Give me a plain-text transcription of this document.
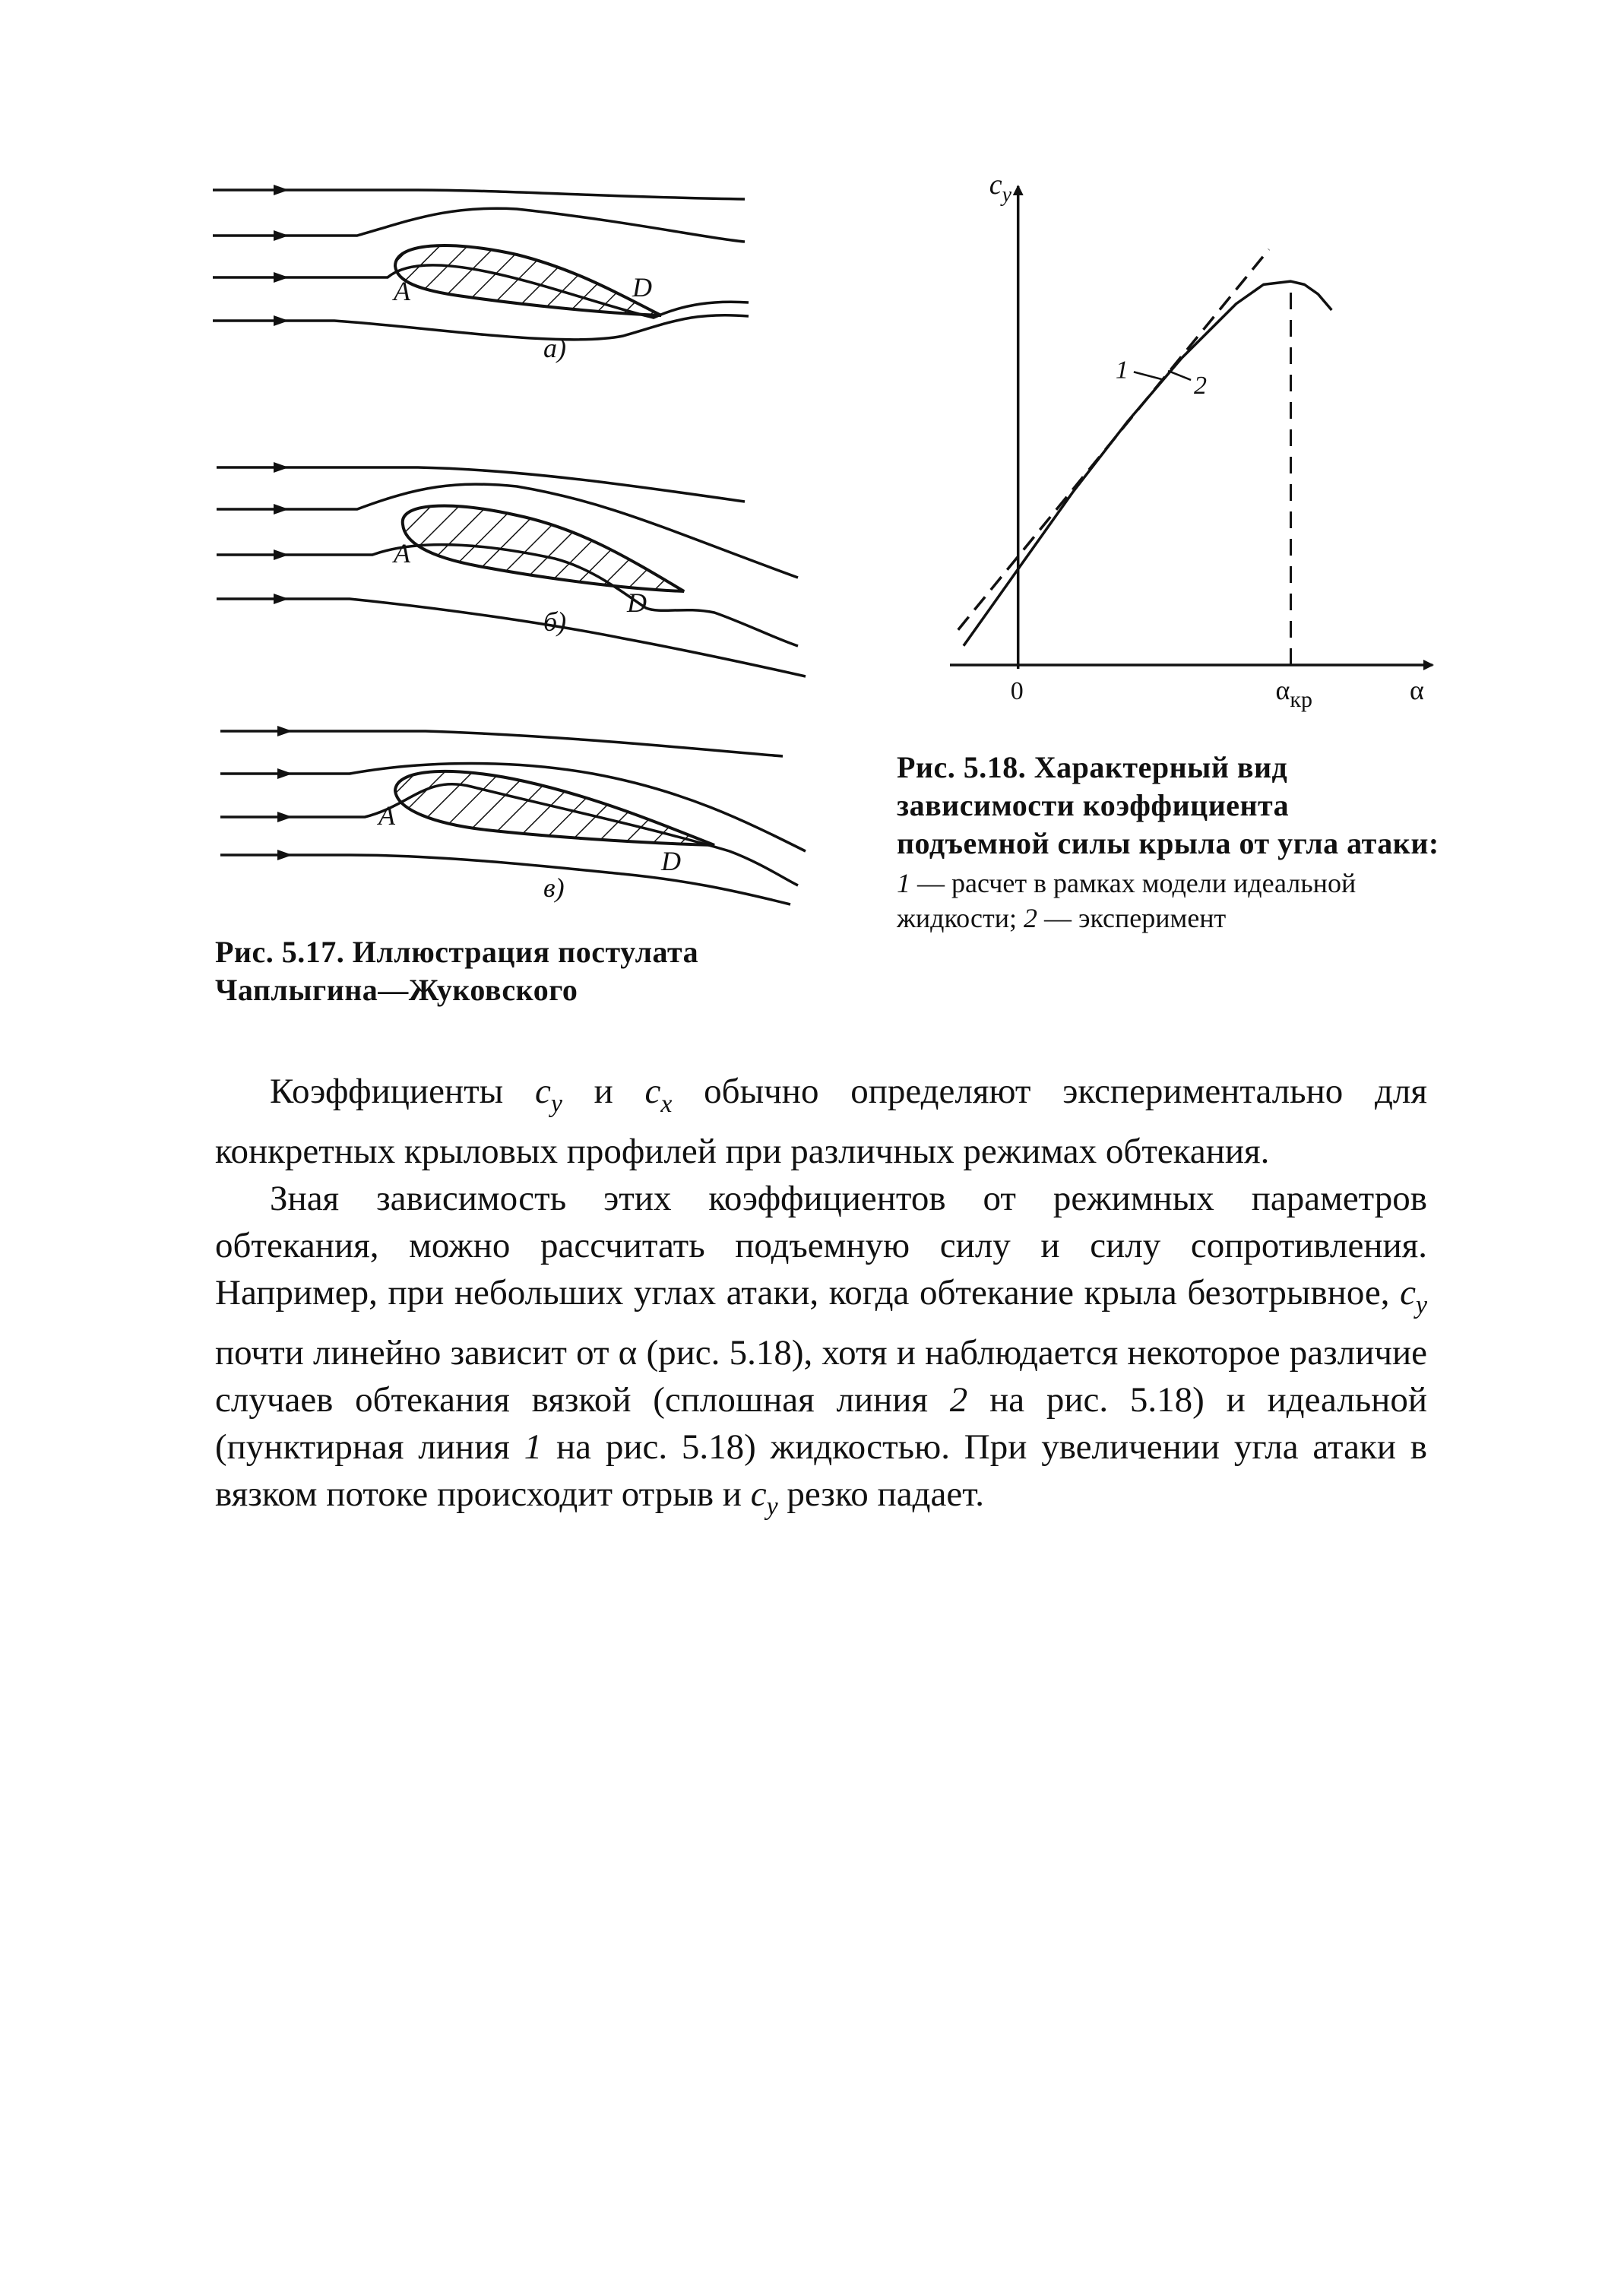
A	D
а)
A
D
б)
A
D
в)
Рис. 5.17. Иллюстрация постулата Чаплыгина—Жуковского
1
2
$c_y$
0	$\alpha_{кр}$	α
Рис. 5.18. Характерный вид зависимости коэффициента подъемной силы крыла от угла атаки:
1 — расчет в рамках модели идеальной жидкости; 2 — эксперимент

Коэффициенты $c_y$ и $c_x$ обычно определяют экспериментально для конкретных крыловых профилей при различных режимах обтекания.

Зная зависимость этих коэффициентов от режимных параметров обтекания, можно рассчитать подъемную силу и силу сопротивления. Например, при небольших углах атаки, когда обтекание крыла безотрывное, $c_y$ почти линейно зависит от α (рис. 5.18), хотя и наблюдается некоторое различие случаев обтекания вязкой (сплошная линия 2 на рис. 5.18) и идеальной (пунктирная линия 1 на рис. 5.18) жидкостью. При увеличении угла атаки в вязком потоке происходит отрыв и $c_y$ резко падает.
